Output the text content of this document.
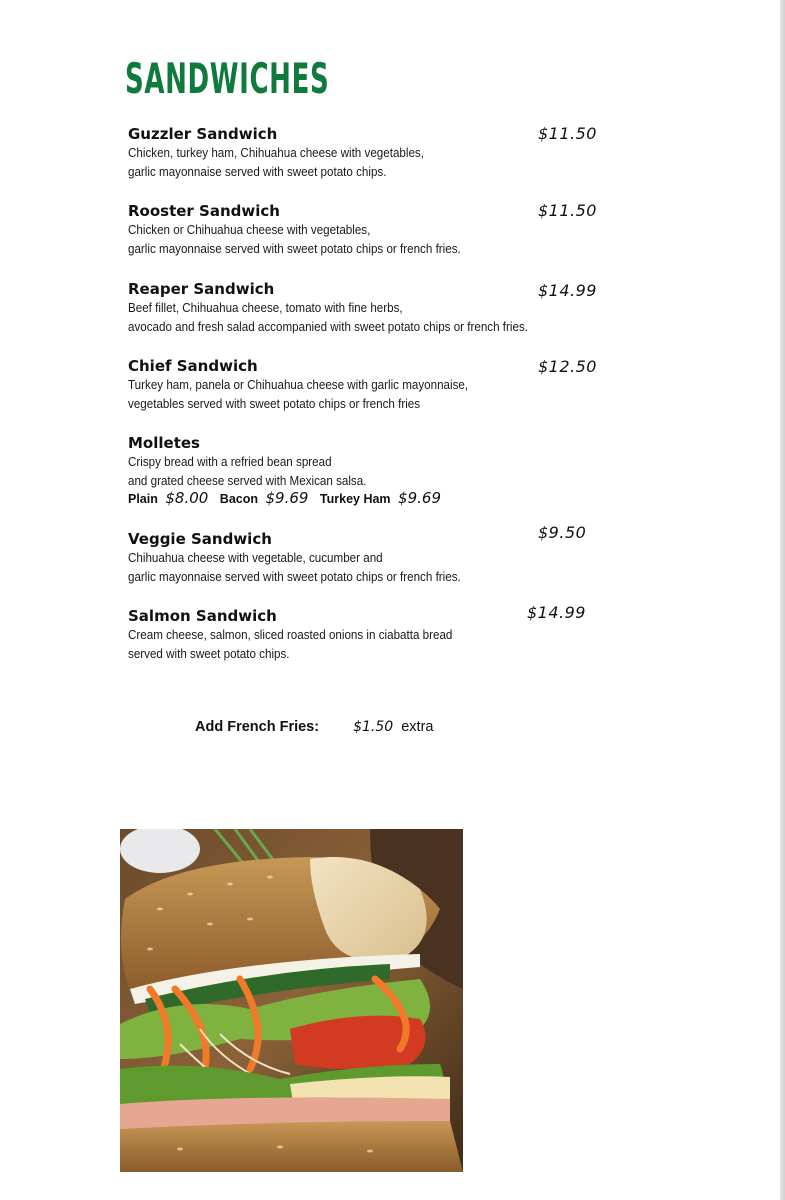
SANDWICHES
Guzzler Sandwich
Chicken, turkey ham, Chihuahua cheese with vegetables,
garlic mayonnaise served with sweet potato chips.
$11.50
Rooster Sandwich
Chicken or Chihuahua cheese with vegetables,
garlic mayonnaise served with sweet potato chips or french fries.
$11.50
Reaper Sandwich
Beef fillet, Chihuahua cheese, tomato with fine herbs,
avocado and fresh salad accompanied with sweet potato chips or french fries.
$14.99
Chief Sandwich
Turkey ham, panela or Chihuahua cheese with garlic mayonnaise,
vegetables served with sweet potato chips or french fries
$12.50
Molletes
Crispy bread with a refried bean spread
and grated cheese served with Mexican salsa.
Plain $8.00 Bacon $9.69 Turkey Ham $9.69
Veggie Sandwich
Chihuahua cheese with vegetable, cucumber and
garlic mayonnaise served with sweet potato chips or french fries.
$9.50
Salmon Sandwich
Cream cheese, salmon, sliced roasted onions in ciabatta bread
served with sweet potato chips.
$14.99
Add French Fries: $1.50 extra
